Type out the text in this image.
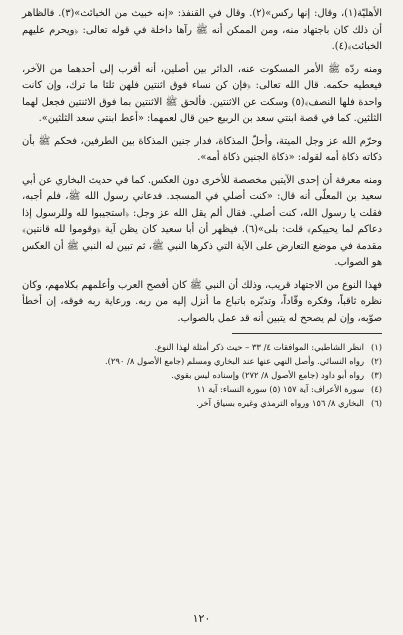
الأهليّة(١)، وقال: إنها ركس»(٢). وقال في القنفذ: «إنه خبيث من الخبائث»(٣). فالظاهر أن ذلك كان باجتهاد منه، ومن الممكن أنه ﷺ رآها داخلة في قوله تعالى: ﴿ويحرم عليهم الخبائث﴾(٤).

ومنه ردّه ﷺ الأمر المسكوت عنه، الدائر بين أصلين، أنه أقرب إلى أحدهما من الآخر، فيعطيه حكمه. قال الله تعالى: ﴿فإن كن نساء فوق اثنتين فلهن ثلثا ما ترك، وإن كانت واحدة فلها النصف﴾(٥) وسكت عن الاثنتين. فألحق ﷺ الاثنتين بما فوق الاثنتين فجعل لهما الثلثين. كما في قصة ابنتي سعد بن الربيع حين قال لعمهما: «أعط ابنتي سعد الثلثين».

وحرّم الله عز وجل الميتة، وأحلّ المذكاة، فدار جنين المذكاة بين الطرفين، فحكم ﷺ بأن ذكاته ذكاة أمه لقوله: «ذكاة الجنين ذكاة أمه».

ومنه معرفة أن إحدى الآيتين مخصصة للأخرى دون العكس. كما في حديث البخاري عن أبي سعيد بن المعلّى أنه قال: «كنت أصلي في المسجد. فدعاني رسول الله ﷺ، فلم أجبه، فقلت يا رسول الله، كنت أصلي. فقال ألم يقل الله عز وجل: ﴿استجيبوا لله وللرسول إذا دعاكم لما يحييكم﴾ قلت: بلى»(٦). فيظهر أن أبا سعيد كان يظن آية ﴿وقوموا لله قانتين﴾ مقدمة في موضع التعارض على الآية التي ذكرها النبي ﷺ، ثم تبين له النبي ﷺ أن العكس هو الصواب.

فهذا النوع من الاجتهاد قريب، وذلك أن النبي ﷺ كان أفصح العرب وأعلمهم بكلامهم، وكان نظره ثاقباً، وفكره وقّاداً، وتدبّره باتباع ما أنزل إليه من ربه. ورعاية ربه فوقه، إن أخطأ صوّبه، وإن لم يصحح له يتبين أنه قد عمل بالصواب.

(١)
انظر الشاطبي: الموافقات ٤/ ٣٣ – حيث ذكر أمثلة لهذا النوع.
(٢)
رواه النسائي. وأصل النهي عنها عند البخاري ومسلم (جامع الأصول ٨/ ٢٩٠).
(٣)
رواه أبو داود (جامع الأصول ٨/ ٢٧٢) وإسناده ليس بقوي.
(٤)
سورة الأعراف: آية ١٥٧ (٥) سورة النساء: آية ١١
(٦)
البخاري ٨/ ١٥٦ ورواه الترمذي وغيره بسياق آخر.
١٢٠
